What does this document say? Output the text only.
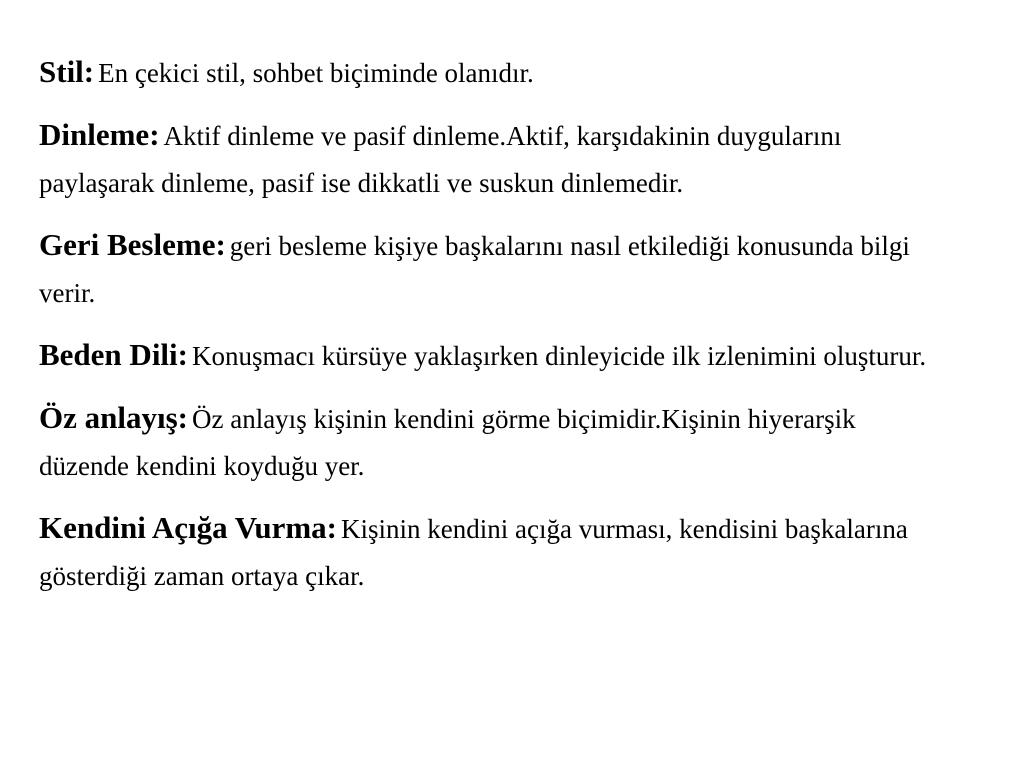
Stil: En çekici stil, sohbet biçiminde olanıdır.

Dinleme: Aktif dinleme ve pasif dinleme.Aktif, karşıdakinin duygularını paylaşarak dinleme, pasif ise dikkatli ve suskun dinlemedir.

Geri Besleme: geri besleme kişiye başkalarını nasıl etkilediği konusunda bilgi verir.

Beden Dili: Konuşmacı kürsüye yaklaşırken dinleyicide ilk izlenimini oluşturur.

Öz anlayış: Öz anlayış kişinin kendini görme biçimidir.Kişinin hiyerarşik düzende kendini koyduğu yer.

Kendini Açığa Vurma: Kişinin kendini açığa vurması, kendisini başkalarına gösterdiği zaman ortaya çıkar.
